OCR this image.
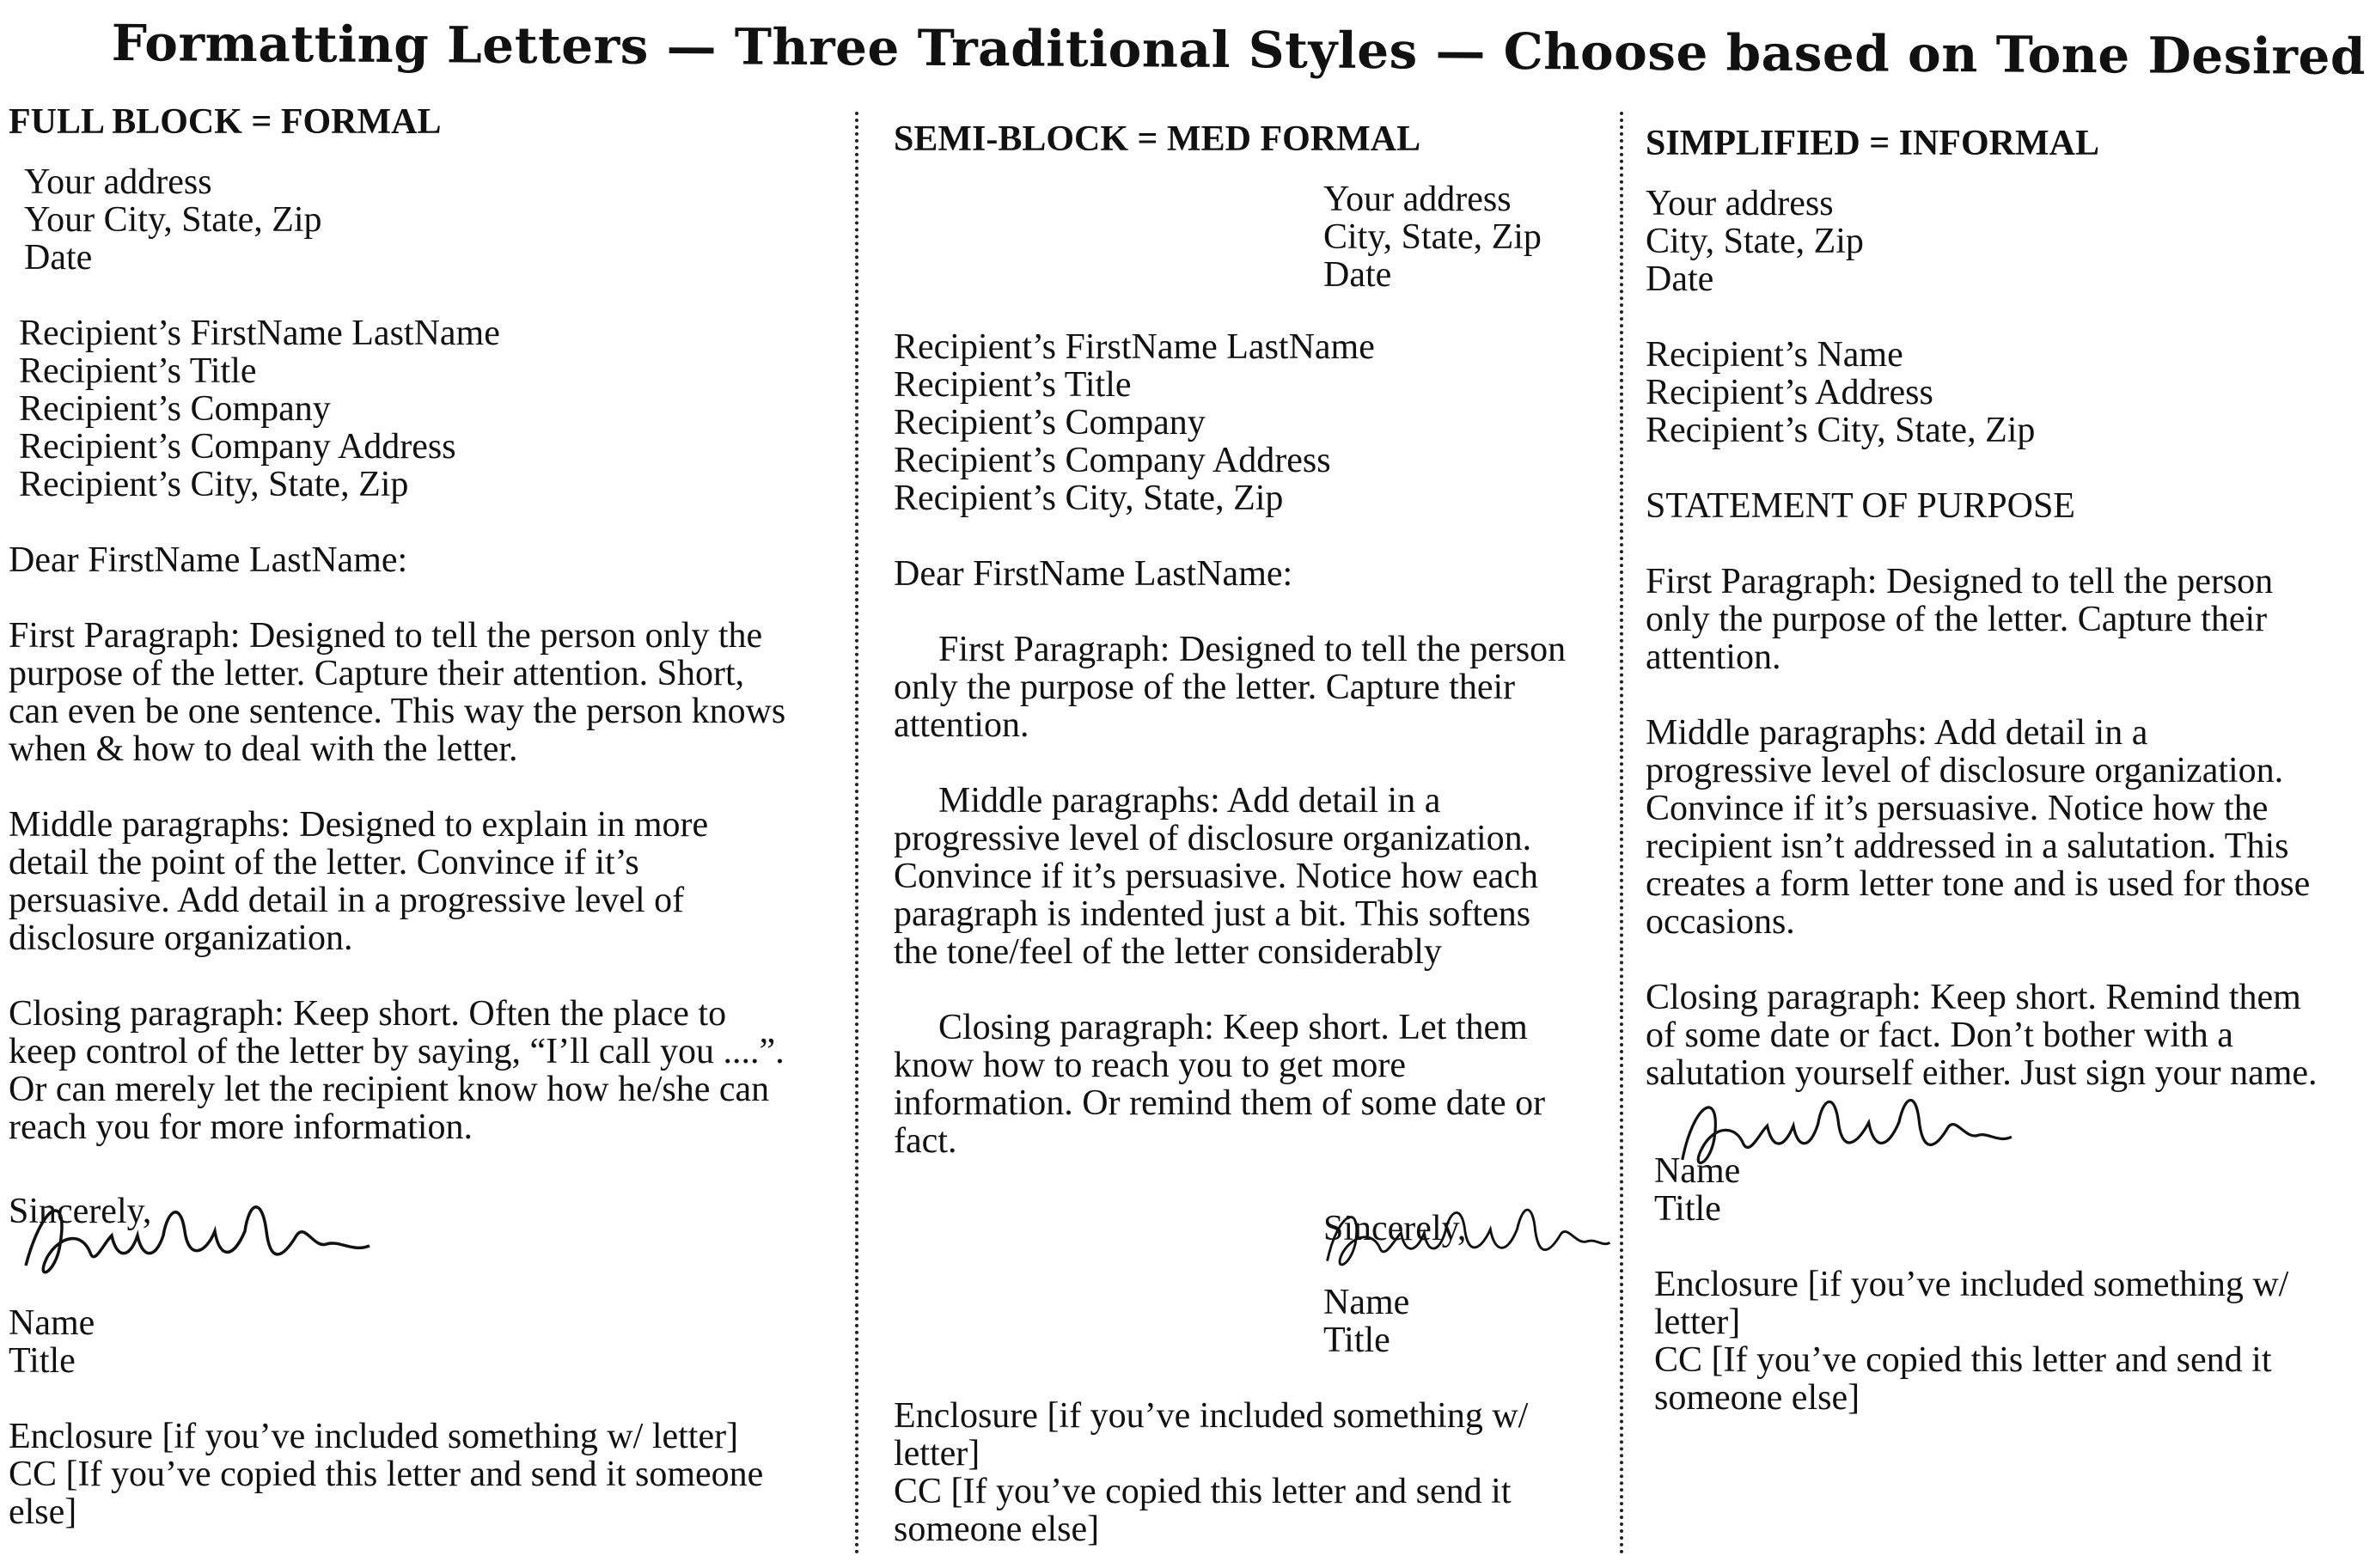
Formatting Letters — Three Traditional Styles — Choose based on Tone Desired
FULL BLOCK = FORMAL
Your address
Your City, State, Zip
Date
Recipient’s FirstName LastName
Recipient’s Title
Recipient’s Company
Recipient’s Company Address
Recipient’s City, State, Zip
Dear FirstName LastName:
First Paragraph: Designed to tell the person only the
purpose of the letter. Capture their attention. Short,
can even be one sentence. This way the person knows
when & how to deal with the letter.
Middle paragraphs: Designed to explain in more
detail the point of the letter. Convince if it’s
persuasive. Add detail in a progressive level of
disclosure organization.
Closing paragraph: Keep short. Often the place to
keep control of the letter by saying, “I’ll call you ....”.
Or can merely let the recipient know how he/she can
reach you for more information.
Sincerely,
Name
Title
Enclosure [if you’ve included something w/ letter]
CC [If you’ve copied this letter and send it someone
else]
SEMI-BLOCK = MED FORMAL
Your address
City, State, Zip
Date
Recipient’s FirstName LastName
Recipient’s Title
Recipient’s Company
Recipient’s Company Address
Recipient’s City, State, Zip
Dear FirstName LastName:
First Paragraph: Designed to tell the person
only the purpose of the letter. Capture their
attention.
Middle paragraphs: Add detail in a
progressive level of disclosure organization.
Convince if it’s persuasive. Notice how each
paragraph is indented just a bit. This softens
the tone/feel of the letter considerably
Closing paragraph: Keep short. Let them
know how to reach you to get more
information. Or remind them of some date or
fact.
Sincerely,
Name
Title
Enclosure [if you’ve included something w/
letter]
CC [If you’ve copied this letter and send it
someone else]
SIMPLIFIED = INFORMAL
Your address
City, State, Zip
Date
Recipient’s Name
Recipient’s Address
Recipient’s City, State, Zip
STATEMENT OF PURPOSE
First Paragraph: Designed to tell the person
only the purpose of the letter. Capture their
attention.
Middle paragraphs: Add detail in a
progressive level of disclosure organization.
Convince if it’s persuasive. Notice how the
recipient isn’t addressed in a salutation. This
creates a form letter tone and is used for those
occasions.
Closing paragraph: Keep short. Remind them
of some date or fact. Don’t bother with a
salutation yourself either. Just sign your name.
Name
Title
Enclosure [if you’ve included something w/
letter]
CC [If you’ve copied this letter and send it
someone else]
